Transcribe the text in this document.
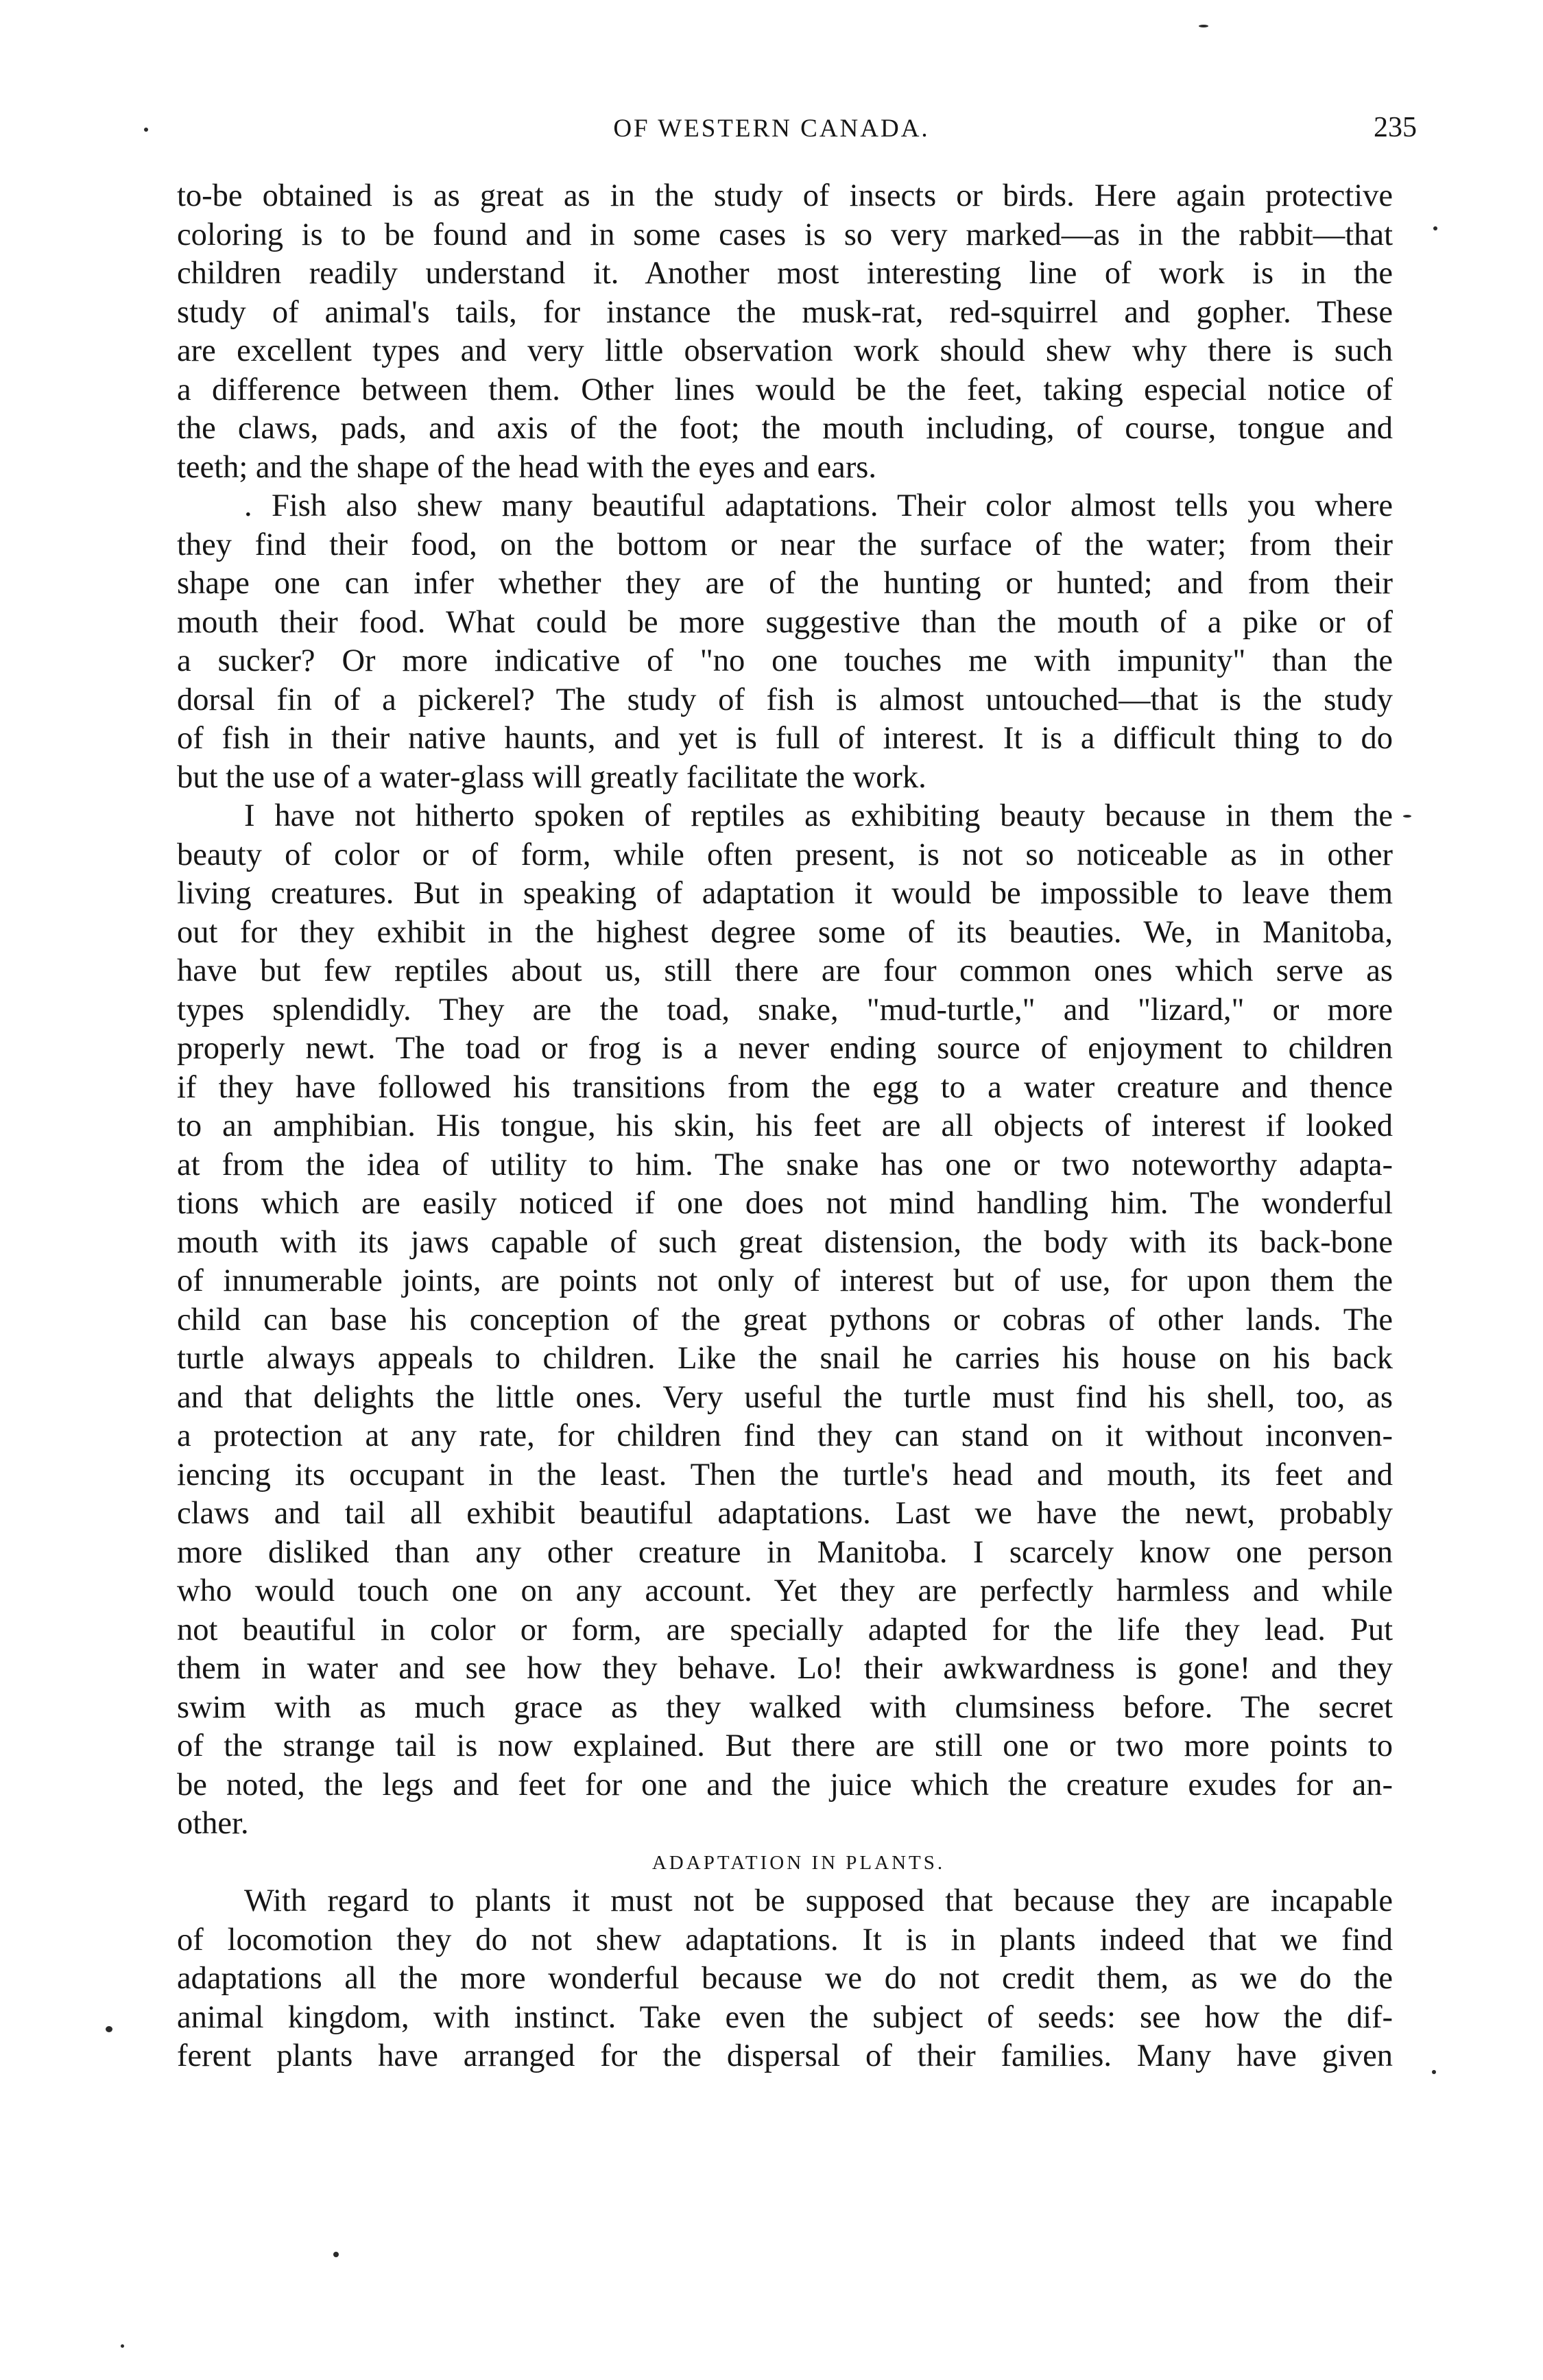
OF WESTERN CANADA.	235
to-be obtained is as great as in the study of insects or birds. Here again protective
coloring is to be found and in some cases is so very marked—as in the rabbit—that
children readily understand it. Another most interesting line of work is in the
study of animal's tails, for instance the musk-rat, red-squirrel and gopher. These
are excellent types and very little observation work should shew why there is such
a difference between them. Other lines would be the feet, taking especial notice of
the claws, pads, and axis of the foot; the mouth including, of course, tongue and
teeth; and the shape of the head with the eyes and ears.
. Fish also shew many beautiful adaptations. Their color almost tells you where
they find their food, on the bottom or near the surface of the water; from their
shape one can infer whether they are of the hunting or hunted; and from their
mouth their food. What could be more suggestive than the mouth of a pike or of
a sucker? Or more indicative of "no one touches me with impunity" than the
dorsal fin of a pickerel? The study of fish is almost untouched—that is the study
of fish in their native haunts, and yet is full of interest. It is a difficult thing to do
but the use of a water-glass will greatly facilitate the work.
I have not hitherto spoken of reptiles as exhibiting beauty because in them the
beauty of color or of form, while often present, is not so noticeable as in other
living creatures. But in speaking of adaptation it would be impossible to leave them
out for they exhibit in the highest degree some of its beauties. We, in Manitoba,
have but few reptiles about us, still there are four common ones which serve as
types splendidly. They are the toad, snake, "mud-turtle," and "lizard," or more
properly newt. The toad or frog is a never ending source of enjoyment to children
if they have followed his transitions from the egg to a water creature and thence
to an amphibian. His tongue, his skin, his feet are all objects of interest if looked
at from the idea of utility to him. The snake has one or two noteworthy adapta-
tions which are easily noticed if one does not mind handling him. The wonderful
mouth with its jaws capable of such great distension, the body with its back-bone
of innumerable joints, are points not only of interest but of use, for upon them the
child can base his conception of the great pythons or cobras of other lands. The
turtle always appeals to children. Like the snail he carries his house on his back
and that delights the little ones. Very useful the turtle must find his shell, too, as
a protection at any rate, for children find they can stand on it without inconven-
iencing its occupant in the least. Then the turtle's head and mouth, its feet and
claws and tail all exhibit beautiful adaptations. Last we have the newt, probably
more disliked than any other creature in Manitoba. I scarcely know one person
who would touch one on any account. Yet they are perfectly harmless and while
not beautiful in color or form, are specially adapted for the life they lead. Put
them in water and see how they behave. Lo! their awkwardness is gone! and they
swim with as much grace as they walked with clumsiness before. The secret
of the strange tail is now explained. But there are still one or two more points to
be noted, the legs and feet for one and the juice which the creature exudes for an-
other.
ADAPTATION IN PLANTS.
With regard to plants it must not be supposed that because they are incapable
of locomotion they do not shew adaptations. It is in plants indeed that we find
adaptations all the more wonderful because we do not credit them, as we do the
animal kingdom, with instinct. Take even the subject of seeds: see how the dif-
ferent plants have arranged for the dispersal of their families. Many have given
